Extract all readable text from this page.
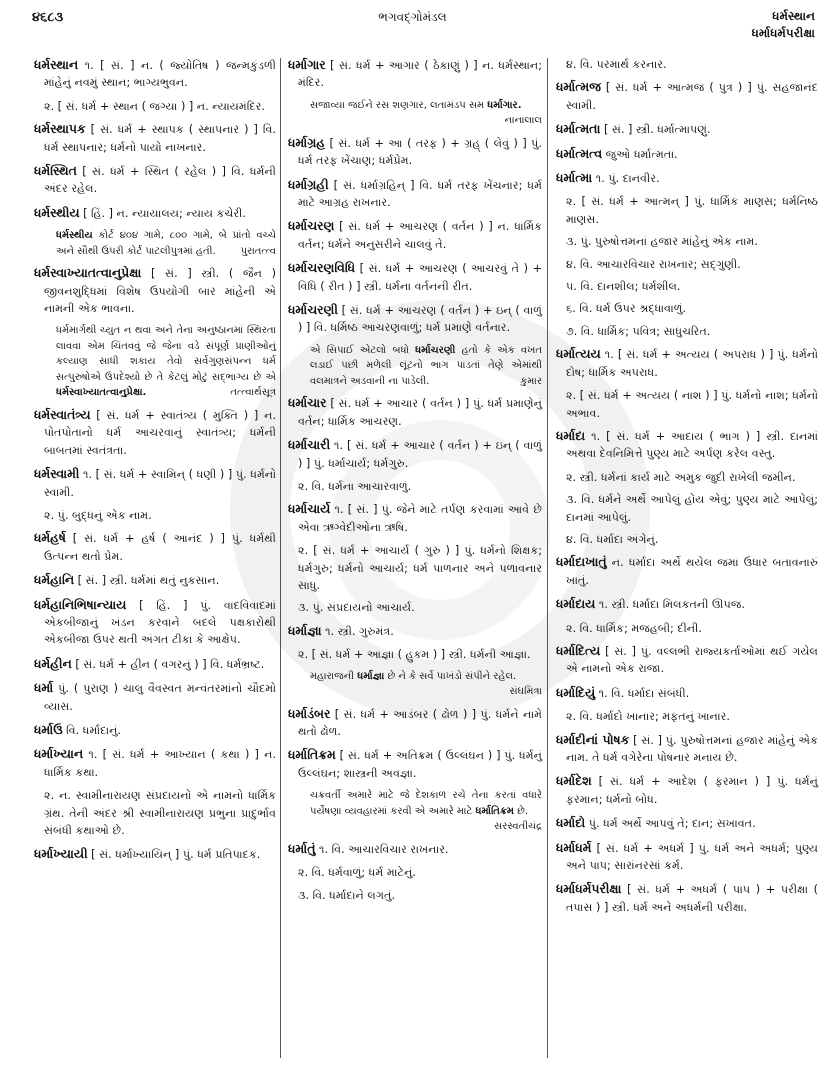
૪૬૮૩	ભગવદ્ગોમંડલ	ધર્મસ્થાન
ધર્માધર્મપરીક્ષા
ધર્મસ્થાન ૧. [ સં. ] ન. ( જ્યોતિષ ) જન્મકુંડળી માંહેનું નવમું સ્થાન; ભાગ્યભુવન.
૨. [ સં. ધર્મ + સ્થાન ( જગ્યા ) ] ન. ન્યાયમંદિર.
ધર્મસ્થાપક [ સં. ધર્મ + સ્થાપક ( સ્થાપનાર ) ] વિ. ધર્મ સ્થાપનાર; ધર્મનો પાયો નાખનાર.
ધર્મસ્થિત [ સં. ધર્મ + સ્થિત ( રહેલ ) ] વિ. ધર્મની અંદર રહેલ.
ધર્મસ્થીય [ હિં. ] ન. ન્યાયાલય; ન્યાય કચેરી.
ધર્મસ્થીય કોર્ટ ૪૦૪ ગામે, ૮૦૦ ગામે, બે પ્રાંતો વચ્ચે અને સૌથી ઉપરી કોર્ટ પાટલીપુત્રમાં હતી. પુરાતત્ત્વ
ધર્મસ્વાખ્યાતત્વાનુપ્રેક્ષા [ સં. ] સ્ત્રી. ( જૈન ) જીવનશુદ્ધિમાં વિશેષ ઉપયોગી બાર માંહેની એ નામની એક ભાવના.
ધર્મમાર્ગથી ચ્યુત ન થવા અને તેના અનુષ્ઠાનમાં સ્થિરતા લાવવા એમ ચિંતવવું જે જેના વડે સંપૂર્ણ પ્રાણીઓનું કલ્યાણ સાધી શકાય તેવો સર્વગુણસંપન્ન ધર્મ સત્પુરુષોએ ઉપદેશ્યો છે તે કેટલું મોટું સદ્ભાગ્ય છે એ ધર્મસ્વાખ્યાતત્વાનુપ્રેક્ષા.	તત્ત્વાર્થસૂત્ર
ધર્મસ્વાતંત્ર્ય [ સં. ધર્મ + સ્વાતંત્ર્ય ( મુક્તિ ) ] ન. પોતપોતાનો ધર્મ આચરવાનું સ્વાતંત્ર્ય; ધર્મની બાબતમાં સ્વતંત્રતા.
ધર્મસ્વામી ૧. [ સં. ધર્મ + સ્વામિન્ ( ધણી ) ] પું. ધર્મનો સ્વામી.
૨. પું. બુદ્ધનું એક નામ.
ધર્મહર્ષ [ સં. ધર્મ + હર્ષ ( આનંદ ) ] પું. ધર્મથી ઉત્પન્ન થતો પ્રેમ.
ધર્મહાનિ [ સં. ] સ્ત્રી. ધર્મમાં થતું નુકસાન.
ધર્મહાનિભિષાન્યાય [ હિં. ] પું. વાદવિવાદમાં એકબીજાનું ખંડન કરવાને બદલે પક્ષકારોથી એકબીજા ઉપર થતી અંગત ટીકા કે આક્ષેપ.
ધર્મહીન [ સં. ધર્મ + હીન ( વગરનું ) ] વિ. ધર્મભ્રષ્ટ.
ધર્મા પું. ( પુરાણ ) ચાલુ વૈવસ્વત મન્વંતરમાંનો ચૌદમો વ્યાસ.
ધર્માઉ વિ. ધર્માદાનું.
ધર્માખ્યાન ૧. [ સં. ધર્મ + આખ્યાન ( કથા ) ] ન. ધાર્મિક કથા.
૨. ન. સ્વામીનારાયણ સંપ્રદાયનો એ નામનો ધાર્મિક ગ્રંથ. તેની અંદર શ્રી સ્વામીનારાયણ પ્રભુના પ્રાદુર્ભાવ સંબંધી કથાઓ છે.
ધર્માખ્યાયી [ સં. ધર્માખ્યાયિન્ ] પું. ધર્મ પ્રતિપાદક.
ધર્માગાર [ સં. ધર્મ + આગાર ( ઠેકાણું ) ] ન. ધર્મસ્થાન; મંદિર.
સજાવ્યા જઈને રસ શણગાર, લતામંડપ સમ ધર્માગાર.
નાનાલાલ
ધર્માગ્રહ [ સં. ધર્મ + આ ( તરફ ) + ગ્રહ્ ( લેવું ) ] પું. ધર્મ તરફ ખેંચાણ; ધર્મપ્રેમ.
ધર્માગ્રહી [ સં. ધર્માગ્રહિન્ ] વિ. ધર્મ તરફ ખેંચનાર; ધર્મ માટે આગ્રહ રાખનાર.
ધર્માચરણ [ સં. ધર્મ + આચરણ ( વર્તન ) ] ન. ધાર્મિક વર્તન; ધર્મને અનુસરીને ચાલવું તે.
ધર્માચરણવિધિ [ સં. ધર્મ + આચરણ ( આચરવું તે ) + વિધિ ( રીત ) ] સ્ત્રી. ધર્મના વર્તનની રીત.
ધર્માચરણી [ સં. ધર્મ + આચરણ ( વર્તન ) + ઇન્ ( વાળું ) ] વિ. ધર્મિષ્ઠ આચરણવાળું; ધર્મ પ્રમાણે વર્તનાર.
એ સિપાઈ એટલો બધો ધર્માચરણી હતો કે એક વખત લડાઈ પછી મળેલી લૂંટનો ભાગ પાડતાં તેણે એમાંથી વલમાત્રને અડવાની ના પાડેલી.	કુમાર
ધર્માચાર [ સં. ધર્મ + આચાર ( વર્તન ) ] પું. ધર્મ પ્રમાણેનું વર્તન; ધાર્મિક આચરણ.
ધર્માચારી ૧. [ સં. ધર્મ + આચાર ( વર્તન ) + ઇન્ ( વાળું ) ] પું. ધર્માચાર્ય; ધર્મગુરુ.
૨. વિ. ધર્મના આચારવાળું.
ધર્માચાર્ય ૧. [ સં. ] પું. જેને માટે તર્પણ કરવામાં આવે છે એવા ઋગ્વેદીઓના ઋષિ.
૨. [ સં. ધર્મ + આચાર્ય ( ગુરુ ) ] પું. ધર્મનો શિક્ષક; ધર્મગુરુ; ધર્મનો આચાર્ય; ધર્મ પાળનાર અને પળાવનાર સાધુ.
૩. પું. સંપ્રદાયનો આચાર્ય.
ધર્માજ્ઞા ૧. સ્ત્રી. ગુરુમંત્ર.
૨. [ સં. ધર્મ + આજ્ઞા ( હુકમ ) ] સ્ત્રી. ધર્મની આજ્ઞા.
મહારાજની ધર્માજ્ઞા છે ને કે સર્વ પાખંડો સંપીને રહેલ.
સંઘમિત્રા
ધર્માડંબર [ સં. ધર્મ + આડંબર ( ઢોળ ) ] પું. ધર્મને નામે થતો ઢોળ.
ધર્માતિક્રમ [ સં. ધર્મ + અતિક્રમ ( ઉલ્લંઘન ) ] પું. ધર્મનું ઉલ્લંઘન; શાસ્ત્રની અવજ્ઞા.
ચક્રવર્તી અમારે માટે જે દેશકાળ રચે તેના કરતાં વધારે પર્યેષણા વ્યવહારમાં કરવી એ અમારે માટે ધર્માતિક્રમ છે.
સરસ્વતીચંદ્ર
ધર્માતું ૧. વિ. આચારવિચાર રાખનાર.
૨. વિ. ધર્મવાળું; ધર્મ માટેનું.
૩. વિ. ધર્માદાને લગતું.
૪. વિ. પરમાર્થ કરનાર.
ધર્માત્મજ [ સં. ધર્મ + આત્મજ ( પુત્ર ) ] પું. સહજાનંદ સ્વામી.
ધર્માત્મતા [ સં. ] સ્ત્રી. ધર્માત્માપણું.
ધર્માત્મત્વ જુઓ ધર્માત્મતા.
ધર્માત્મા ૧. પું. દાનવીર.
૨. [ સં. ધર્મ + આત્મન્ ] પું. ધાર્મિક માણસ; ધર્મનિષ્ઠ માણસ.
૩. પું. પુરુષોત્તમનાં હજાર માંહેનું એક નામ.
૪. વિ. આચારવિચાર રાખનાર; સદ્ગુણી.
૫. વિ. દાનશીલ; ધર્મશીલ.
૬. વિ. ધર્મ ઉપર શ્રદ્ધાવાળું.
૭. વિ. ધાર્મિક; પવિત્ર; સાધુચરિત.
ધર્માત્યય ૧. [ સં. ધર્મ + અત્યય ( અપરાધ ) ] પું. ધર્મનો દોષ; ધાર્મિક અપરાધ.
૨. [ સં. ધર્મ + અત્યય ( નાશ ) ] પું. ધર્મનો નાશ; ધર્મનો અભાવ.
ધર્માદા ૧. [ સં. ધર્મ + આદાય ( ભાગ ) ] સ્ત્રી. દાનમાં અથવા દેવનિમિત્તે પુણ્ય માટે અર્પણ કરેલ વસ્તુ.
૨. સ્ત્રી. ધર્મનાં કાર્ય માટે અમુક જુદી રાખેલી જમીન.
૩. વિ. ધર્મને અર્થે આપેલું હોય એવું; પુણ્ય માટે આપેલું; દાનમાં આપેલું.
૪. વિ. ધર્માદા અંગેનું.
ધર્માદાખાતું ન. ધર્માદા અર્થે થયેલ જમા ઉધાર બતાવનારું ખાતું.
ધર્માદાય ૧. સ્ત્રી. ધર્માદા મિલકતની ઊપજ.
૨. વિ. ધાર્મિક; મજહબી; દીની.
ધર્માદિત્ય [ સં. ] પું. વલ્લભી રાજ્યકર્તાઓમાં થઈ ગયેલ એ નામનો એક રાજા.
ધર્માદિયું ૧. વિ. ધર્માદા સંબંધી.
૨. વિ. ધર્માદો ખાનાર; મફતનું ખાનાર.
ધર્માદીનાં પોષક [ સં. ] પું. પુરુષોત્તમનાં હજાર માંહેનું એક નામ. તે ધર્મ વગેરેના પોષનાર મનાય છે.
ધર્માદેશ [ સં. ધર્મ + આદેશ ( ફરમાન ) ] પું. ધર્મનું ફરમાન; ધર્મનો બોધ.
ધર્માદો પું. ધર્મ અર્થે આપવું તે; દાન; સખાવત.
ધર્માધર્મ [ સં. ધર્મ + અધર્મ ] પું. ધર્મ અને અધર્મ; પુણ્ય અને પાપ; સારાંનરસાં કર્મ.
ધર્માધર્મપરીક્ષા [ સં. ધર્મ + અધર્મ ( પાપ ) + પરીક્ષા ( તપાસ ) ] સ્ત્રી. ધર્મ અને અધર્મની પરીક્ષા.
